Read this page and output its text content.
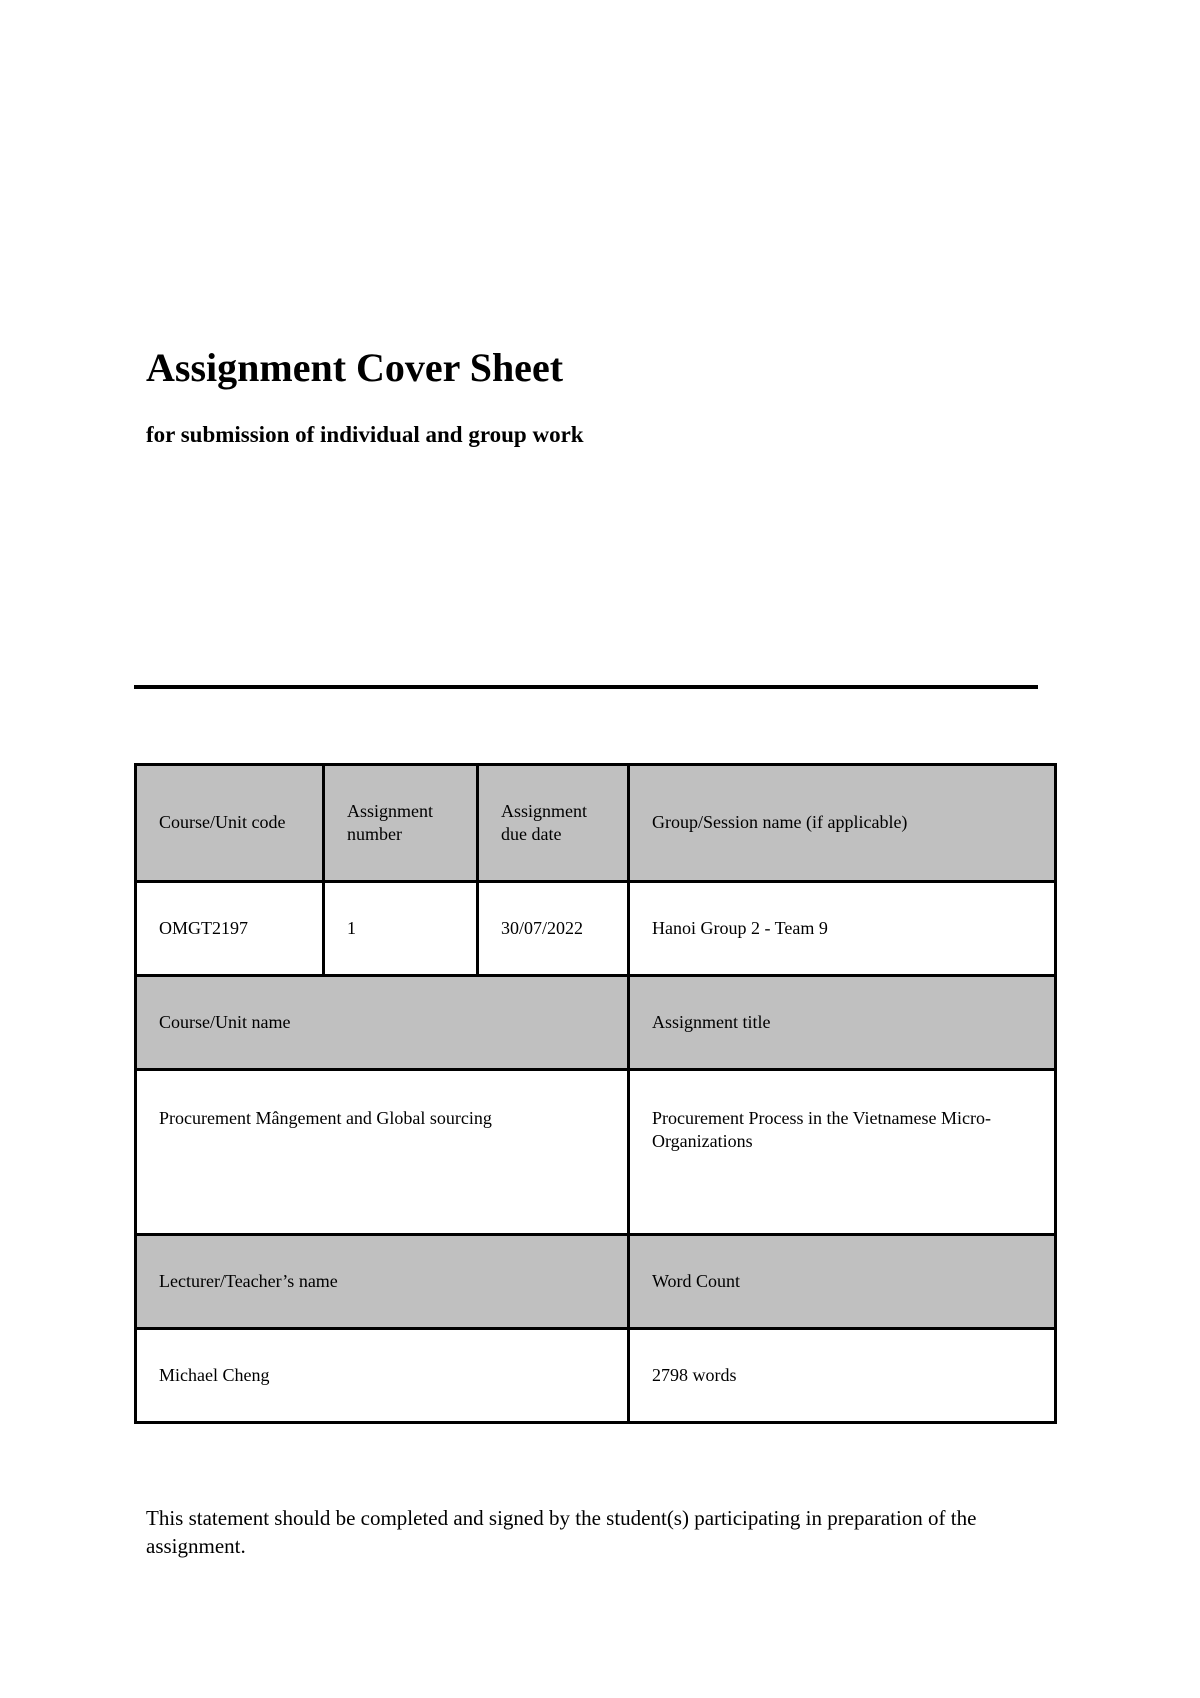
Assignment Cover Sheet
for submission of individual and group work
Course/Unit code	Assignment number	Assignment due date	Group/Session name (if applicable)
OMGT2197	1	30/07/2022	Hanoi Group 2 - Team 9
Course/Unit name			Assignment title
Procurement Mângement and Global sourcing			Procurement Process in the Vietnamese Micro-Organizations
Lecturer/Teacher’s name			Word Count
Michael Cheng			2798 words

This statement should be completed and signed by the student(s) participating in preparation of the assignment.
